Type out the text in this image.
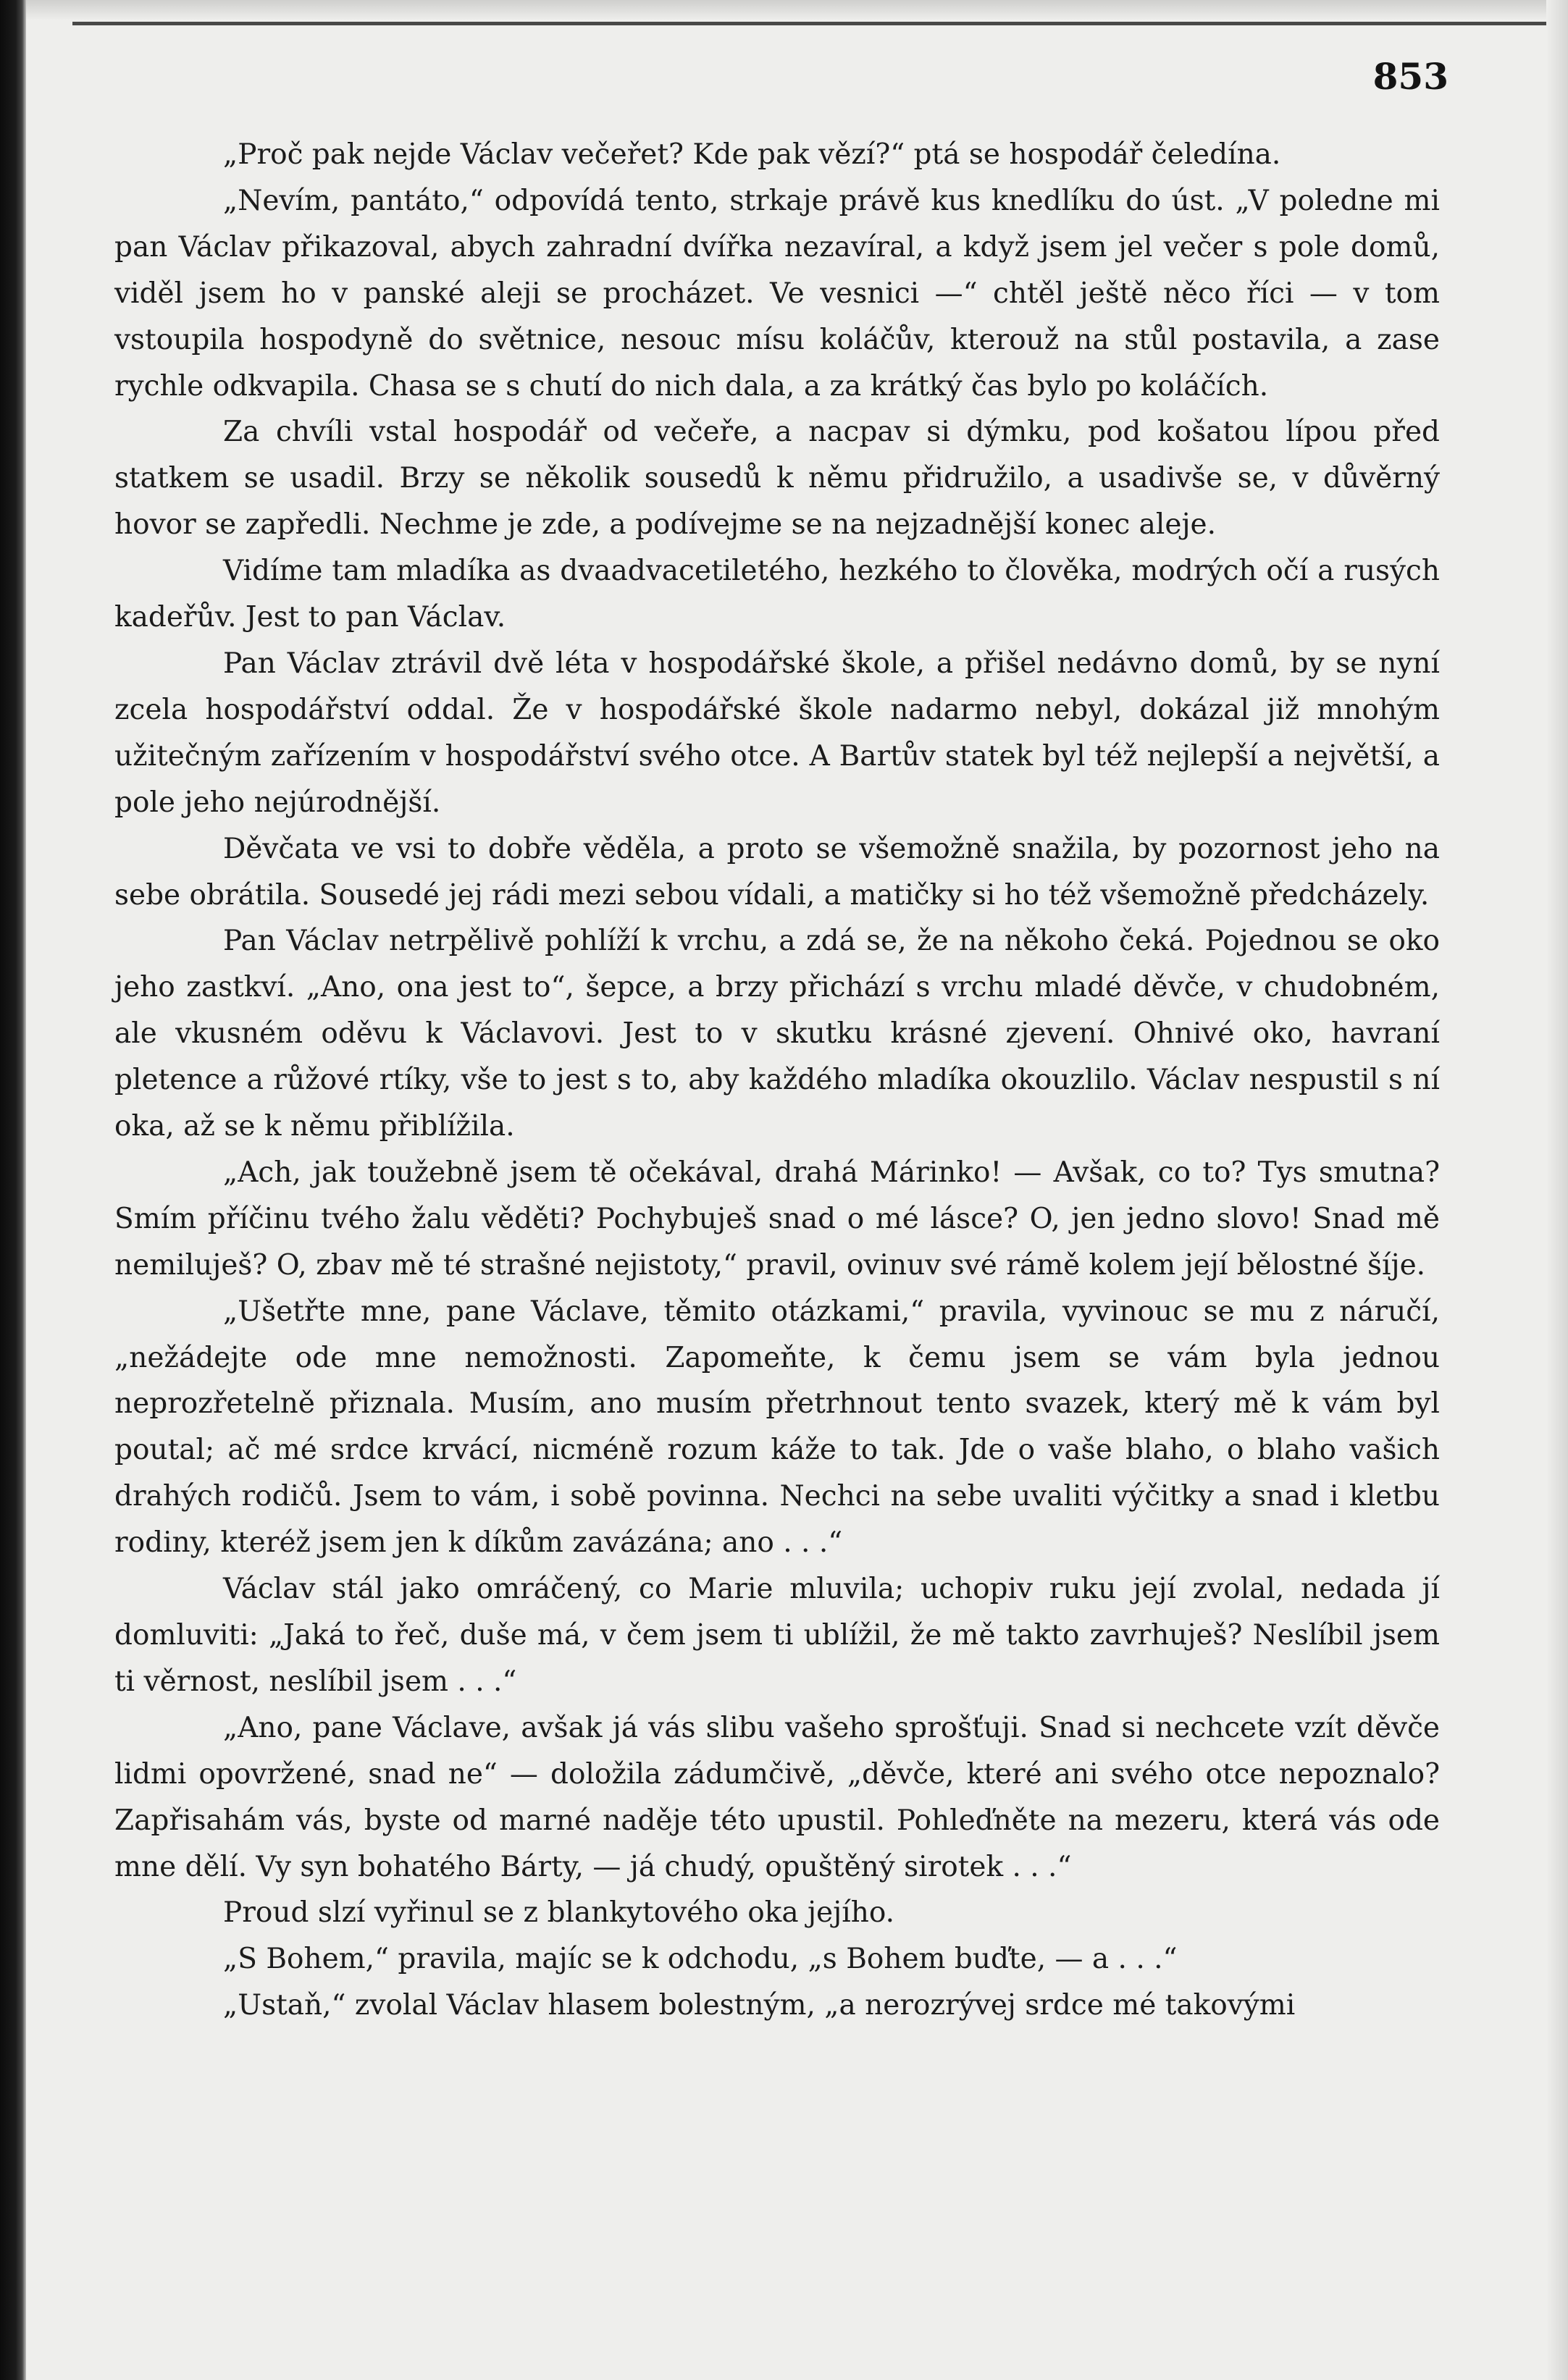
853

„Proč pak nejde Václav večeřet? Kde pak vězí?“ ptá se hospodář čeledína.

„Nevím, pantáto,“ odpovídá tento, strkaje právě kus knedlíku do úst. „V poledne mi pan Václav přikazoval, abych zahradní dvířka nezavíral, a když jsem jel večer s pole domů, viděl jsem ho v panské aleji se procházet. Ve vesnici —“ chtěl ještě něco říci — v tom vstoupila hospodyně do světnice, nesouc mísu koláčův, kterouž na stůl postavila, a zase rychle odkvapila. Chasa se s chutí do nich dala, a za krátký čas bylo po koláčích.

Za chvíli vstal hospodář od večeře, a nacpav si dýmku, pod košatou lípou před statkem se usadil. Brzy se několik sousedů k němu přidružilo, a usadivše se, v důvěrný hovor se zapředli. Nechme je zde, a podívejme se na nejzadnější konec aleje.

Vidíme tam mladíka as dvaadvacetiletého, hezkého to člověka, modrých očí a rusých kadeřův. Jest to pan Václav.

Pan Václav ztrávil dvě léta v hospodářské škole, a přišel nedávno domů, by se nyní zcela hospodářství oddal. Že v hospodářské škole nadarmo nebyl, dokázal již mnohým užitečným zařízením v hospodářství svého otce. A Bartův statek byl též nejlepší a největší, a pole jeho nejúrodnější.

Děvčata ve vsi to dobře věděla, a proto se všemožně snažila, by pozornost jeho na sebe obrátila. Sousedé jej rádi mezi sebou vídali, a matičky si ho též všemožně předcházely.

Pan Václav netrpělivě pohlíží k vrchu, a zdá se, že na někoho čeká. Pojednou se oko jeho zastkví. „Ano, ona jest to“, šepce, a brzy přichází s vrchu mladé děvče, v chudobném, ale vkusném oděvu k Václavovi. Jest to v skutku krásné zjevení. Ohnivé oko, havraní pletence a růžové rtíky, vše to jest s to, aby každého mladíka okouzlilo. Václav nespustil s ní oka, až se k němu přiblížila.

„Ach, jak toužebně jsem tě očekával, drahá Márinko! — Avšak, co to? Tys smutna? Smím příčinu tvého žalu věděti? Pochybuješ snad o mé lásce? O, jen jedno slovo! Snad mě nemiluješ? O, zbav mě té strašné nejistoty,“ pravil, ovinuv své rámě kolem její bělostné šíje.

„Ušetřte mne, pane Václave, těmito otázkami,“ pravila, vyvinouc se mu z náručí, „nežádejte ode mne nemožnosti. Zapomeňte, k čemu jsem se vám byla jednou neprozřetelně přiznala. Musím, ano musím přetrhnout tento svazek, který mě k vám byl poutal; ač mé srdce krvácí, nicméně rozum káže to tak. Jde o vaše blaho, o blaho vašich drahých rodičů. Jsem to vám, i sobě povinna. Nechci na sebe uvaliti výčitky a snad i kletbu rodiny, kteréž jsem jen k díkům zavázána; ano . . .“

Václav stál jako omráčený, co Marie mluvila; uchopiv ruku její zvolal, nedada jí domluviti: „Jaká to řeč, duše má, v čem jsem ti ublížil, že mě takto zavrhuješ? Neslíbil jsem ti věrnost, neslíbil jsem . . .“

„Ano, pane Václave, avšak já vás slibu vašeho sprošťuji. Snad si nechcete vzít děvče lidmi opovržené, snad ne“ — doložila zádumčivě, „děvče, které ani svého otce nepoznalo? Zapřisahám vás, byste od marné naděje této upustil. Pohleďněte na mezeru, která vás ode mne dělí. Vy syn bohatého Bárty, — já chudý, opuštěný sirotek . . .“

Proud slzí vyřinul se z blankytového oka jejího.

„S Bohem,“ pravila, majíc se k odchodu, „s Bohem buďte, — a . . .“

„Ustaň,“ zvolal Václav hlasem bolestným, „a nerozrývej srdce mé takovými
